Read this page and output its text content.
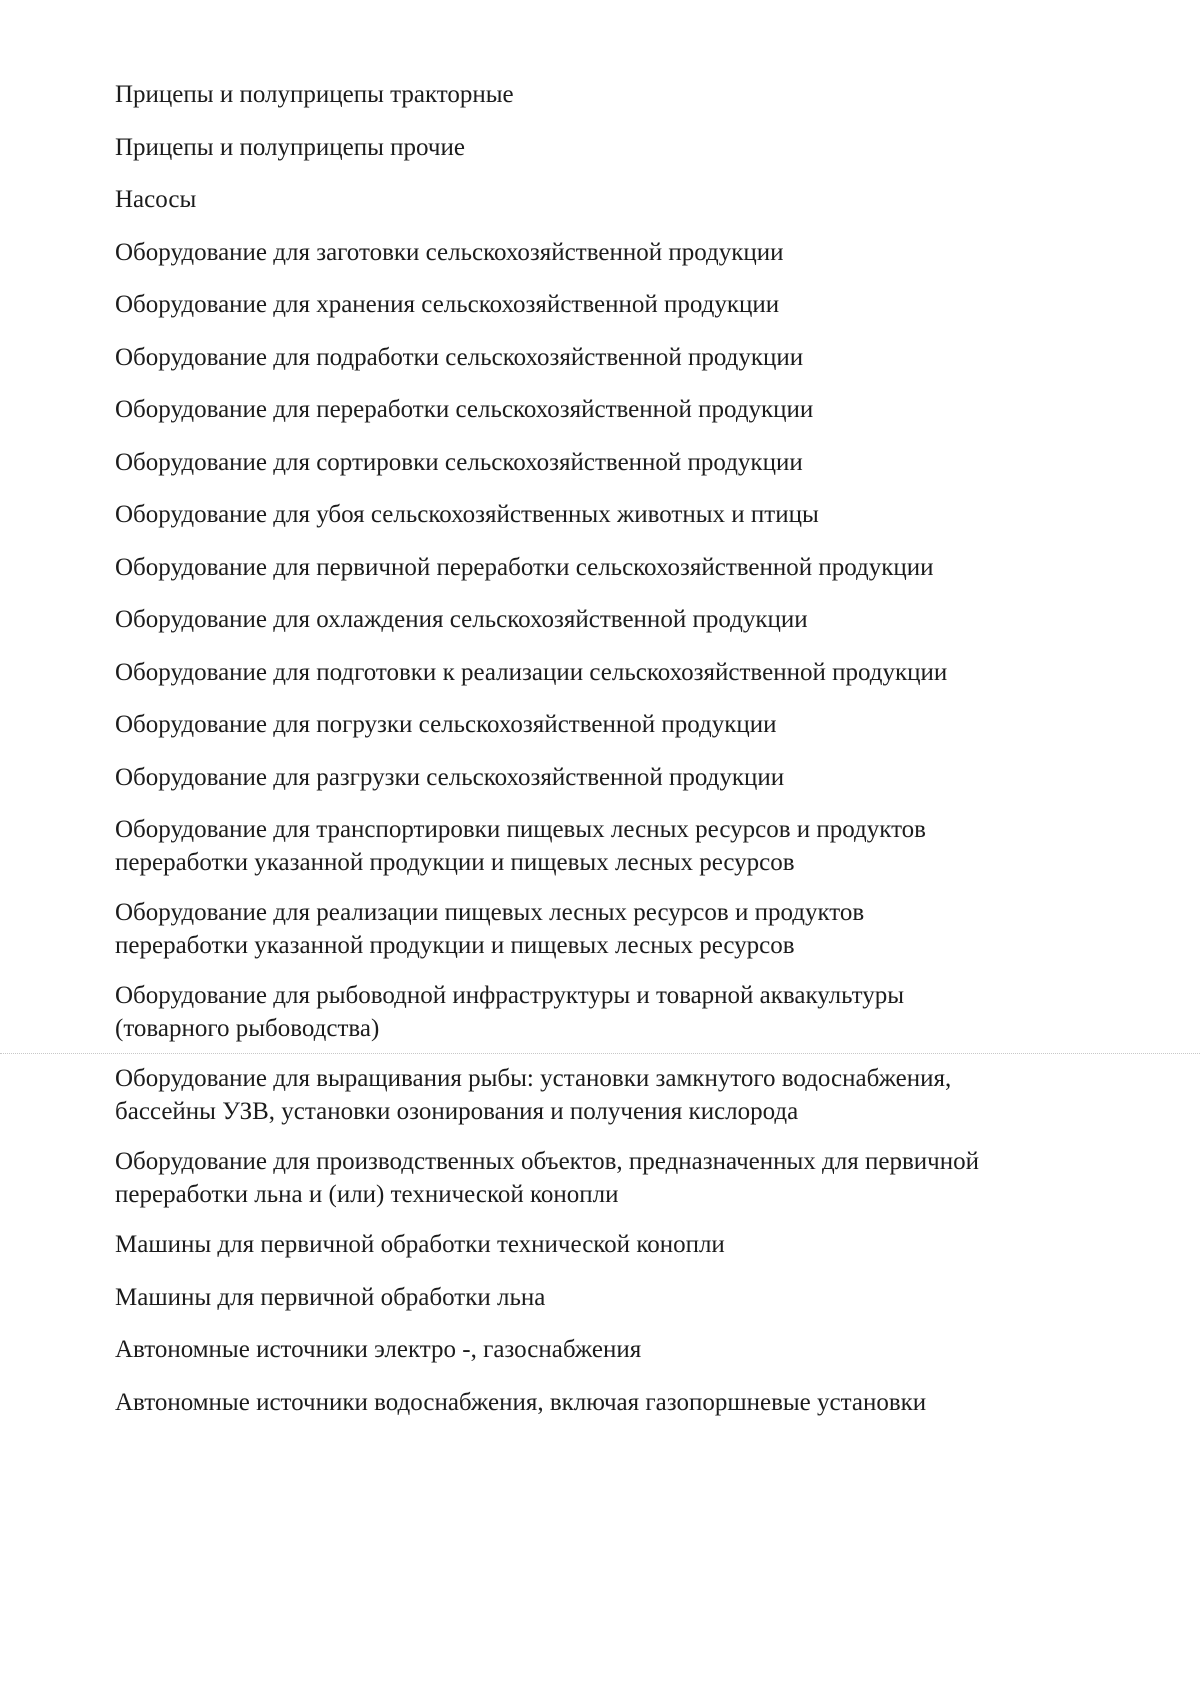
Прицепы и полуприцепы тракторные
Прицепы и полуприцепы прочие
Насосы
Оборудование для заготовки сельскохозяйственной продукции
Оборудование для хранения сельскохозяйственной продукции
Оборудование для подработки сельскохозяйственной продукции
Оборудование для переработки сельскохозяйственной продукции
Оборудование для сортировки сельскохозяйственной продукции
Оборудование для убоя сельскохозяйственных животных и птицы
Оборудование для первичной переработки сельскохозяйственной продукции
Оборудование для охлаждения сельскохозяйственной продукции
Оборудование для подготовки к реализации сельскохозяйственной продукции
Оборудование для погрузки сельскохозяйственной продукции
Оборудование для разгрузки сельскохозяйственной продукции
Оборудование для транспортировки пищевых лесных ресурсов и продуктов
переработки указанной продукции и пищевых лесных ресурсов
Оборудование для реализации пищевых лесных ресурсов и продуктов
переработки указанной продукции и пищевых лесных ресурсов
Оборудование для рыбоводной инфраструктуры и товарной аквакультуры
(товарного рыбоводства)
Оборудование для выращивания рыбы: установки замкнутого водоснабжения,
бассейны УЗВ, установки озонирования и получения кислорода
Оборудование для производственных объектов, предназначенных для первичной
переработки льна и (или) технической конопли
Машины для первичной обработки технической конопли
Машины для первичной обработки льна
Автономные источники электро -, газоснабжения
Автономные источники водоснабжения, включая газопоршневые установки
